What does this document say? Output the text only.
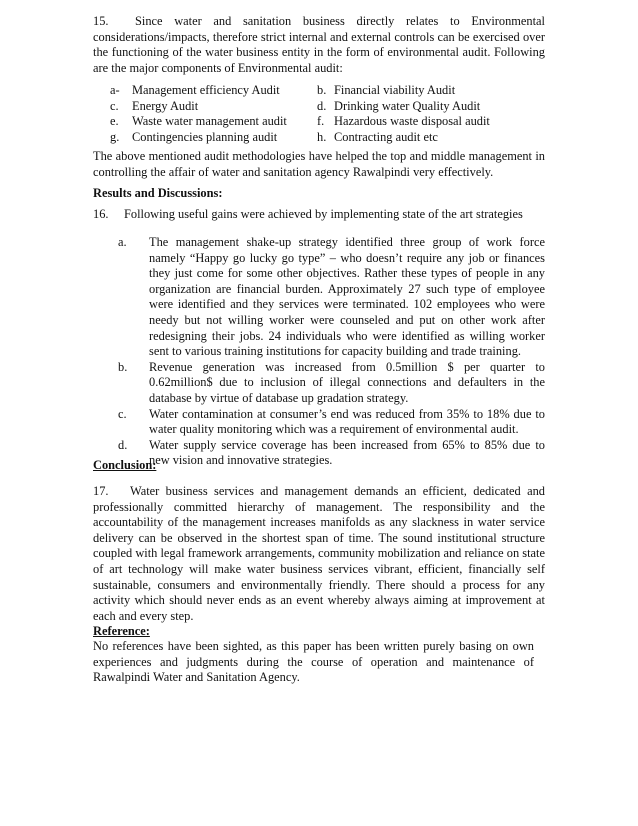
15. Since water and sanitation business directly relates to Environmental considerations/impacts, therefore strict internal and external controls can be exercised over the functioning of the water business entity in the form of environmental audit. Following are the major components of Environmental audit:
a- Management efficiency Audit	b. Financial viability Audit
c.	Energy Audit	d. Drinking water Quality Audit
e.	Waste water management audit f. Hazardous waste disposal audit
g.	Contingencies planning audit	h. Contracting audit etc
The above mentioned audit methodologies have helped the top and middle management in controlling the affair of water and sanitation agency Rawalpindi very effectively.
Results and Discussions:
16. Following useful gains were achieved by implementing state of the art strategies
a.	The management shake-up strategy identified three group of work force namely “Happy go lucky go type” – who doesn’t require any job or finances they just come for some other objectives. Rather these types of people in any organization are financial burden. Approximately 27 such type of employee were identified and they services were terminated. 102 employees who were needy but not willing worker were counseled and put on other work after redesigning their jobs. 24 individuals who were identified as willing worker sent to various training institutions for capacity building and trade training.
b.	Revenue generation was increased from 0.5million $ per quarter to 0.62million$ due to inclusion of illegal connections and defaulters in the database by virtue of database up gradation strategy.
c.	Water contamination at consumer’s end was reduced from 35% to 18% due to water quality monitoring which was a requirement of environmental audit.
d.	Water supply service coverage has been increased from 65% to 85% due to new vision and innovative strategies.
Conclusion:
17. Water business services and management demands an efficient, dedicated and professionally committed hierarchy of management. The responsibility and the accountability of the management increases manifolds as any slackness in water service delivery can be observed in the shortest span of time. The sound institutional structure coupled with legal framework arrangements, community mobilization and reliance on state of art technology will make water business services vibrant, efficient, financially self sustainable, consumers and environmentally friendly. There should a process for any activity which should never ends as an event whereby always aiming at improvement at each and every step.
Reference:
No references have been sighted, as this paper has been written purely basing on own experiences and judgments during the course of operation and maintenance of Rawalpindi Water and Sanitation Agency.
